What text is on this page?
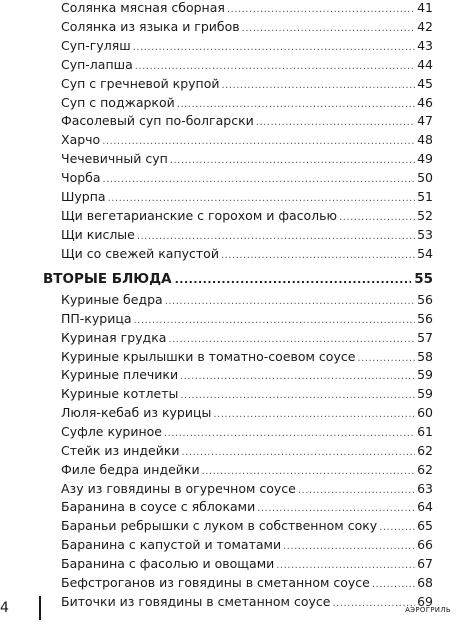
Солянка мясная сборная .....	41
Солянка из языка и грибов .....	42
Суп-гуляш .....	43
Суп-лапша .....	44
Суп с гречневой крупой .....	45
Суп с поджаркой .....	46
Фасолевый суп по-болгарски .....	47
Харчо .....	48
Чечевичный суп .....	49
Чорба .....	50
Шурпа .....	51
Щи вегетарианские с горохом и фасолью .....	52
Щи кислые .....	53
Щи со свежей капустой .....	54
ВТОРЫЕ БЛЮДА .....	55
Куриные бедра .....	56
ПП-курица .....	56
Куриная грудка .....	57
Куриные крылышки в томатно-соевом соусе .....	58
Куриные плечики .....	59
Куриные котлеты .....	59
Люля-кебаб из курицы .....	60
Суфле куриное .....	61
Стейк из индейки .....	62
Филе бедра индейки .....	62
Азу из говядины в огуречном соусе .....	63
Баранина в соусе с яблоками .....	64
Бараньи ребрышки с луком в собственном соку .....	65
Баранина с капустой и томатами .....	66
Баранина с фасолью и овощами .....	67
Бефстроганов из говядины в сметанном соусе .....	68
Биточки из говядины в сметанном соусе .....	69
4	АЭРОГРИЛЬ
